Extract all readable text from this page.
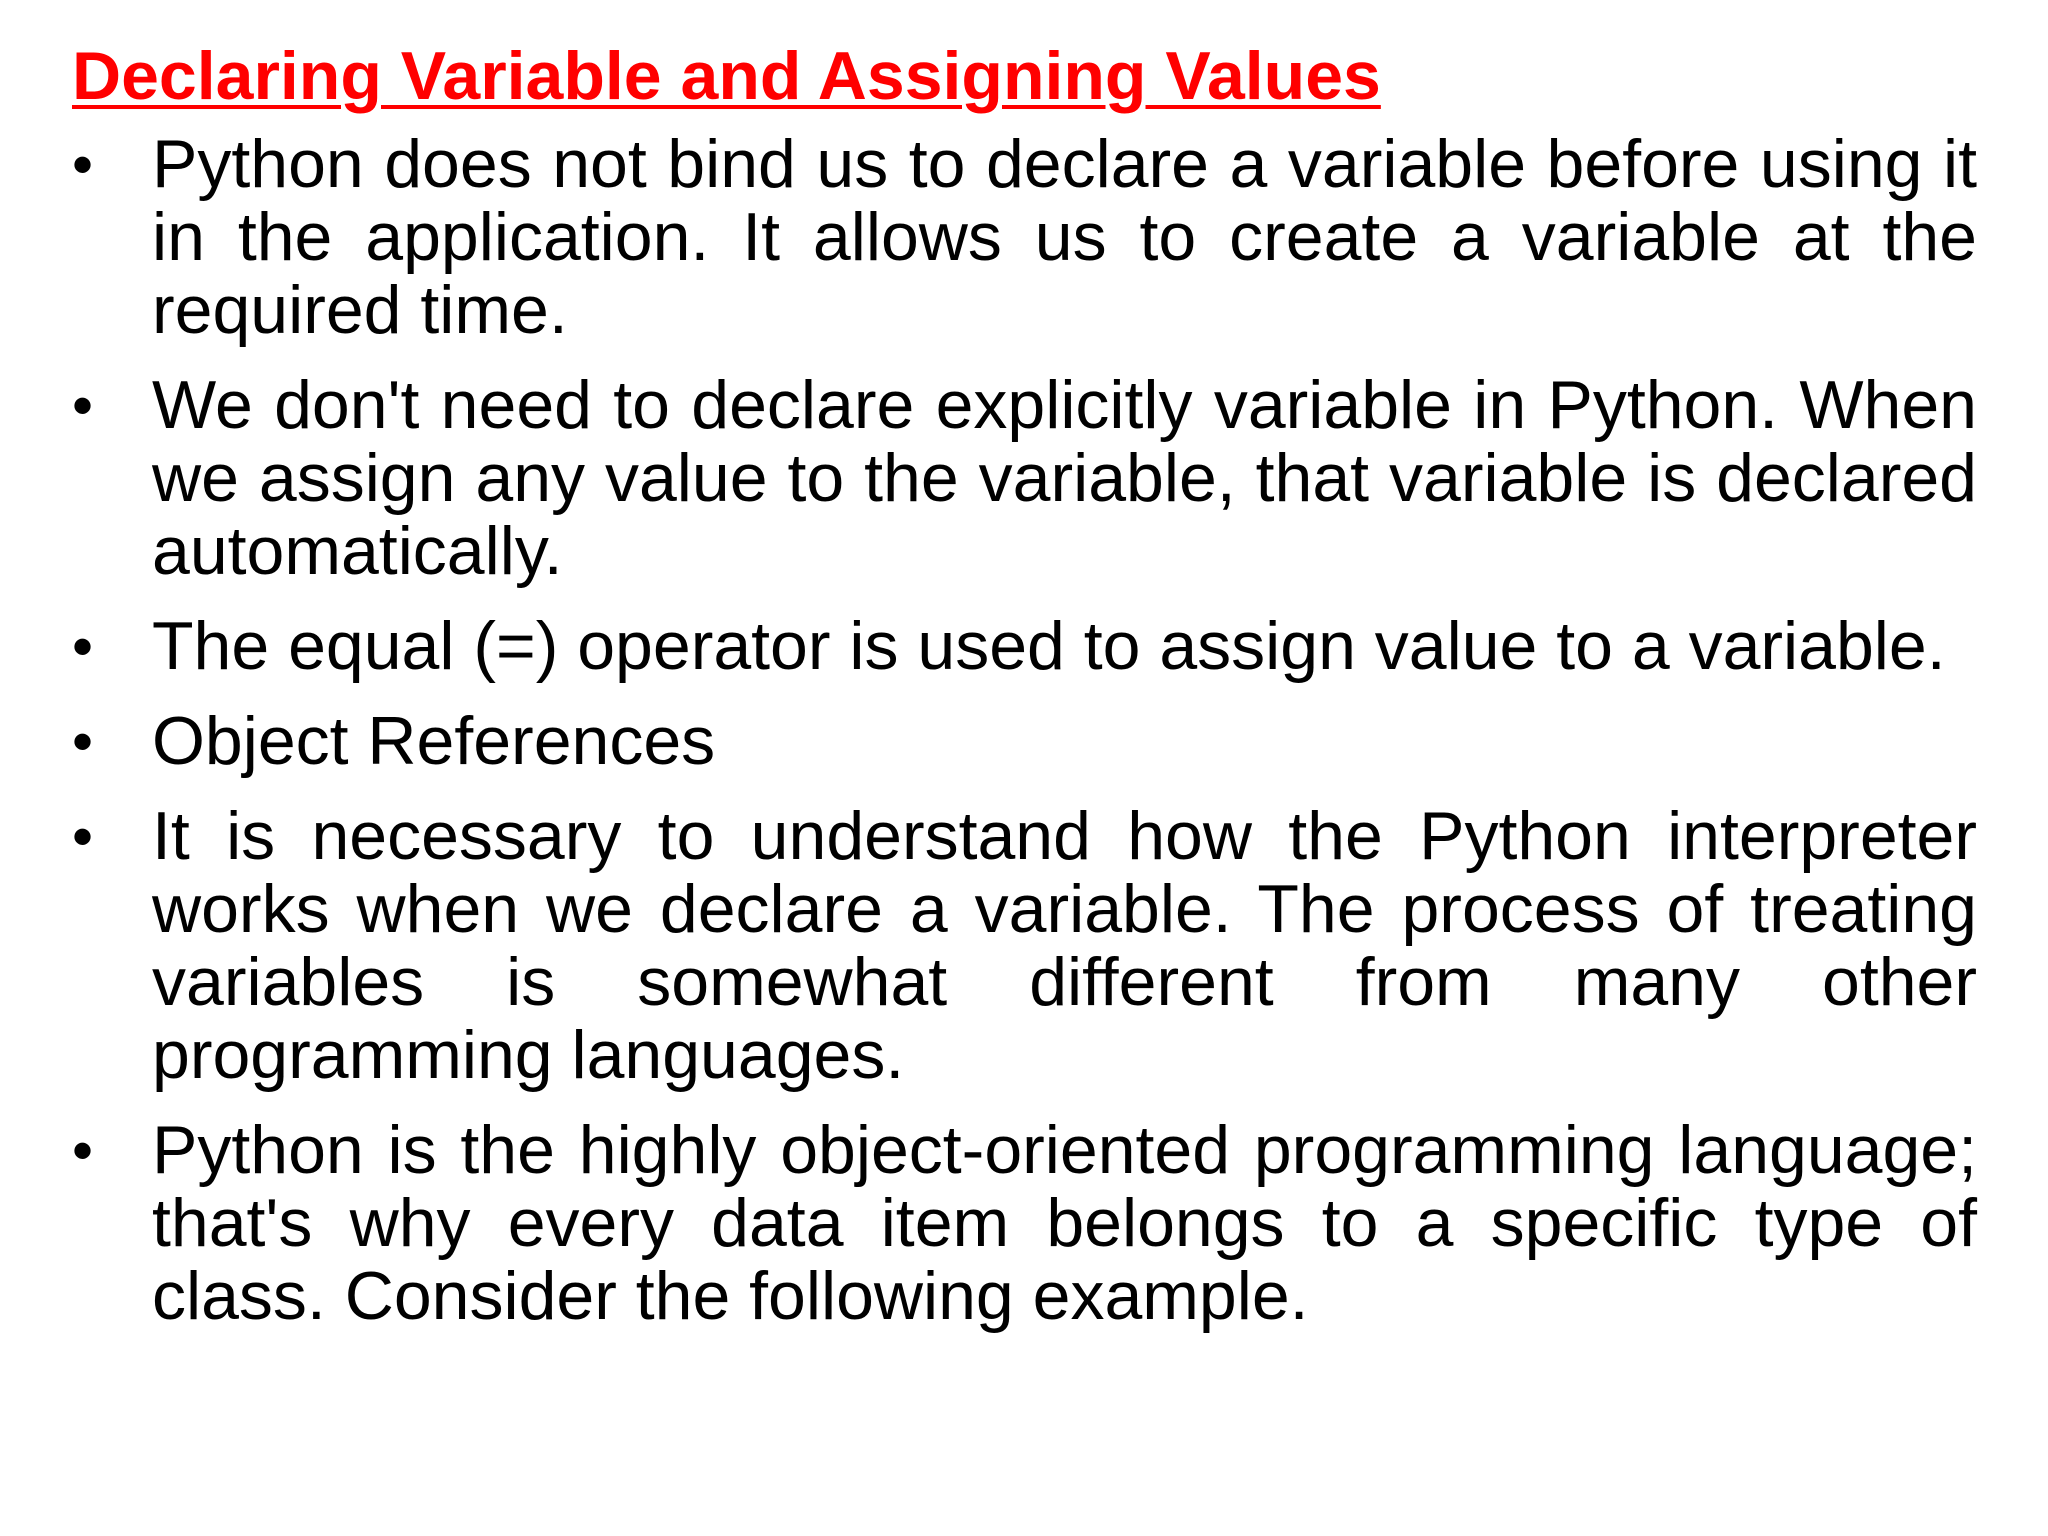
Declaring Variable and Assigning Values
• Python does not bind us to declare a variable before using it in the application. It allows us to create a variable at the required time.
• We don't need to declare explicitly variable in Python. When we assign any value to the variable, that variable is declared automatically.
• The equal (=) operator is used to assign value to a variable.
• Object References
• It is necessary to understand how the Python interpreter works when we declare a variable. The process of treating variables is somewhat different from many other programming languages.
• Python is the highly object-oriented programming language; that's why every data item belongs to a specific type of class. Consider the following example.
